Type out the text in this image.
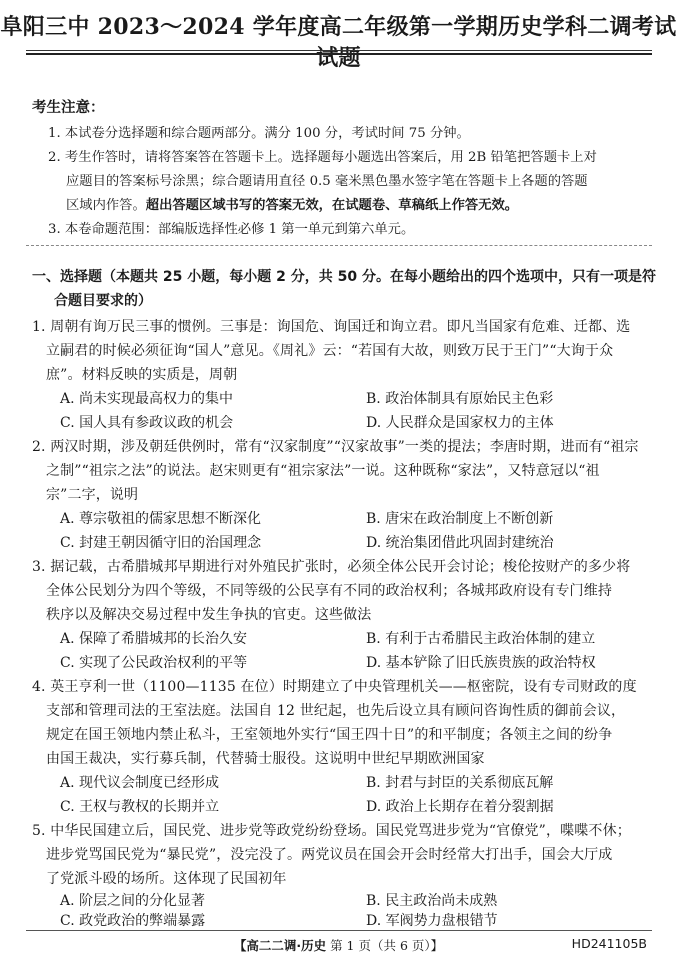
阜阳三中 2023～2024 学年度高二年级第一学期历史学科二调考试试题
考生注意：
1. 本试卷分选择题和综合题两部分。满分 100 分，考试时间 75 分钟。
2. 考生作答时，请将答案答在答题卡上。选择题每小题选出答案后，用 2B 铅笔把答题卡上对
应题目的答案标号涂黑；综合题请用直径 0.5 毫米黑色墨水签字笔在答题卡上各题的答题
区域内作答。超出答题区域书写的答案无效，在试题卷、草稿纸上作答无效。
3. 本卷命题范围：部编版选择性必修 1 第一单元到第六单元。
一、选择题（本题共 25 小题，每小题 2 分，共 50 分。在每小题给出的四个选项中，只有一项是符
合题目要求的）
1. 周朝有询万民三事的惯例。三事是：询国危、询国迁和询立君。即凡当国家有危难、迁都、选
立嗣君的时候必须征询“国人”意见。《周礼》云：“若国有大故，则致万民于王门”“大询于众
庶”。材料反映的实质是，周朝
A. 尚未实现最高权力的集中	B. 政治体制具有原始民主色彩
C. 国人具有参政议政的机会	D. 人民群众是国家权力的主体
2. 两汉时期，涉及朝廷供例时，常有“汉家制度”“汉家故事”一类的提法；李唐时期，进而有“祖宗
之制”“祖宗之法”的说法。赵宋则更有“祖宗家法”一说。这种既称“家法”，又特意冠以“祖
宗”二字，说明
A. 尊宗敬祖的儒家思想不断深化	B. 唐宋在政治制度上不断创新
C. 封建王朝因循守旧的治国理念	D. 统治集团借此巩固封建统治
3. 据记载，古希腊城邦早期进行对外殖民扩张时，必须全体公民开会讨论；梭伦按财产的多少将
全体公民划分为四个等级，不同等级的公民享有不同的政治权利；各城邦政府设有专门维持
秩序以及解决交易过程中发生争执的官吏。这些做法
A. 保障了希腊城邦的长治久安	B. 有利于古希腊民主政治体制的建立
C. 实现了公民政治权利的平等	D. 基本铲除了旧氏族贵族的政治特权
4. 英王亨利一世（1100—1135 在位）时期建立了中央管理机关——枢密院，设有专司财政的度
支部和管理司法的王室法庭。法国自 12 世纪起，也先后设立具有顾问咨询性质的御前会议，
规定在国王领地内禁止私斗，王室领地外实行“国王四十日”的和平制度；各领主之间的纷争
由国王裁决，实行募兵制，代替骑士服役。这说明中世纪早期欧洲国家
A. 现代议会制度已经形成	B. 封君与封臣的关系彻底瓦解
C. 王权与教权的长期并立	D. 政治上长期存在着分裂割据
5. 中华民国建立后，国民党、进步党等政党纷纷登场。国民党骂进步党为“官僚党”，喋喋不休；
进步党骂国民党为“暴民党”，没完没了。两党议员在国会开会时经常大打出手，国会大厅成
了党派斗殴的场所。这体现了民国初年
A. 阶层之间的分化显著	B. 民主政治尚未成熟
C. 政党政治的弊端暴露	D. 军阀势力盘根错节
【高二二调·历史 第 1 页（共 6 页）】	HD241105B
